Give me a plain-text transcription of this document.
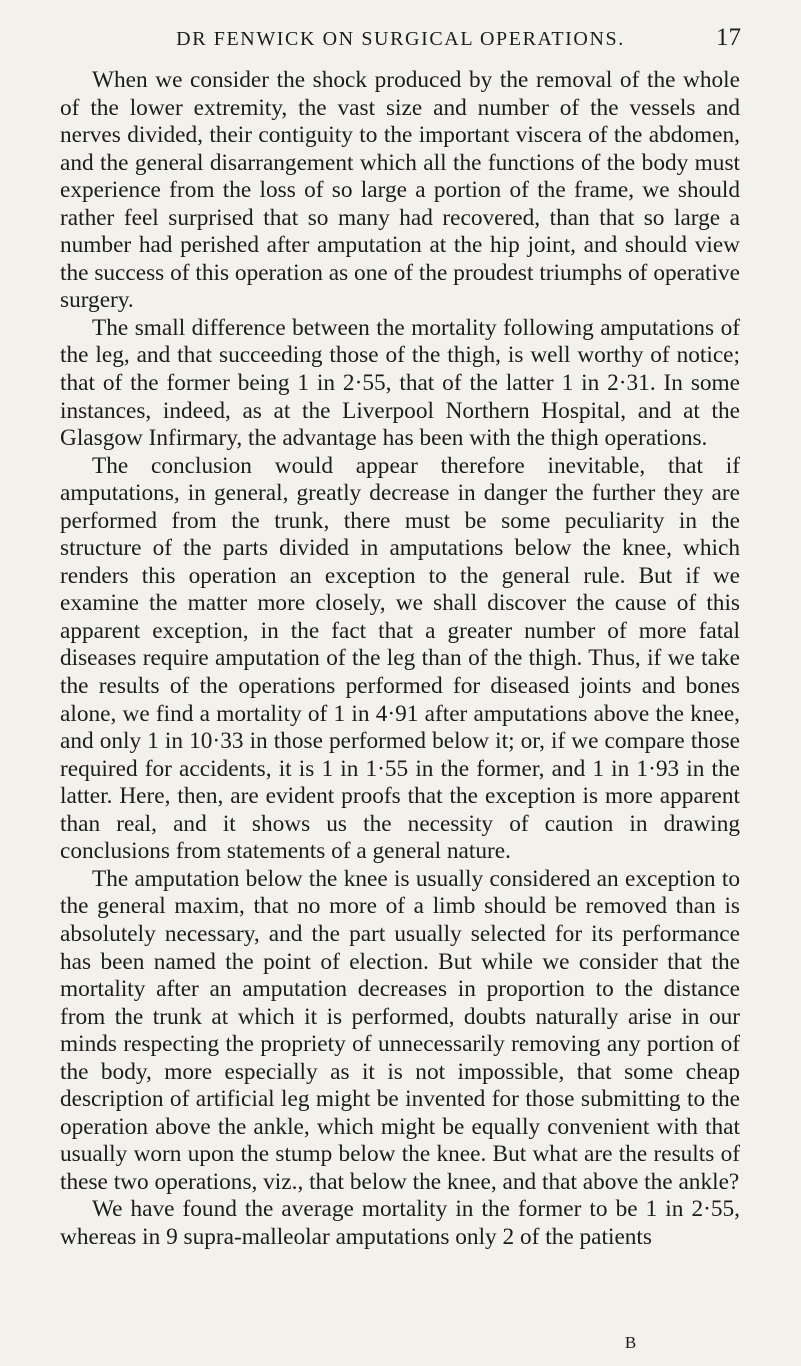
DR FENWICK ON SURGICAL OPERATIONS.	17

When we consider the shock produced by the removal of the whole of the lower extremity, the vast size and number of the vessels and nerves divided, their contiguity to the important viscera of the abdomen, and the general disarrangement which all the functions of the body must experience from the loss of so large a portion of the frame, we should rather feel surprised that so many had recovered, than that so large a number had perished after amputation at the hip joint, and should view the success of this operation as one of the proudest triumphs of operative surgery.

The small difference between the mortality following amputations of the leg, and that succeeding those of the thigh, is well worthy of notice; that of the former being 1 in 2·55, that of the latter 1 in 2·31. In some instances, indeed, as at the Liverpool Northern Hospital, and at the Glasgow Infirmary, the advantage has been with the thigh operations.

The conclusion would appear therefore inevitable, that if amputations, in general, greatly decrease in danger the further they are performed from the trunk, there must be some peculiarity in the structure of the parts divided in amputations below the knee, which renders this operation an exception to the general rule. But if we examine the matter more closely, we shall discover the cause of this apparent exception, in the fact that a greater number of more fatal diseases require amputation of the leg than of the thigh. Thus, if we take the results of the operations performed for diseased joints and bones alone, we find a mortality of 1 in 4·91 after amputations above the knee, and only 1 in 10·33 in those performed below it; or, if we compare those required for accidents, it is 1 in 1·55 in the former, and 1 in 1·93 in the latter. Here, then, are evident proofs that the exception is more apparent than real, and it shows us the necessity of caution in drawing conclusions from statements of a general nature.

The amputation below the knee is usually considered an exception to the general maxim, that no more of a limb should be removed than is absolutely necessary, and the part usually selected for its performance has been named the point of election. But while we consider that the mortality after an amputation decreases in proportion to the distance from the trunk at which it is performed, doubts naturally arise in our minds respecting the propriety of unnecessarily removing any portion of the body, more especially as it is not impossible, that some cheap description of artificial leg might be invented for those submitting to the operation above the ankle, which might be equally convenient with that usually worn upon the stump below the knee. But what are the results of these two operations, viz., that below the knee, and that above the ankle?

We have found the average mortality in the former to be 1 in 2·55, whereas in 9 supra-malleolar amputations only 2 of the patients

B
